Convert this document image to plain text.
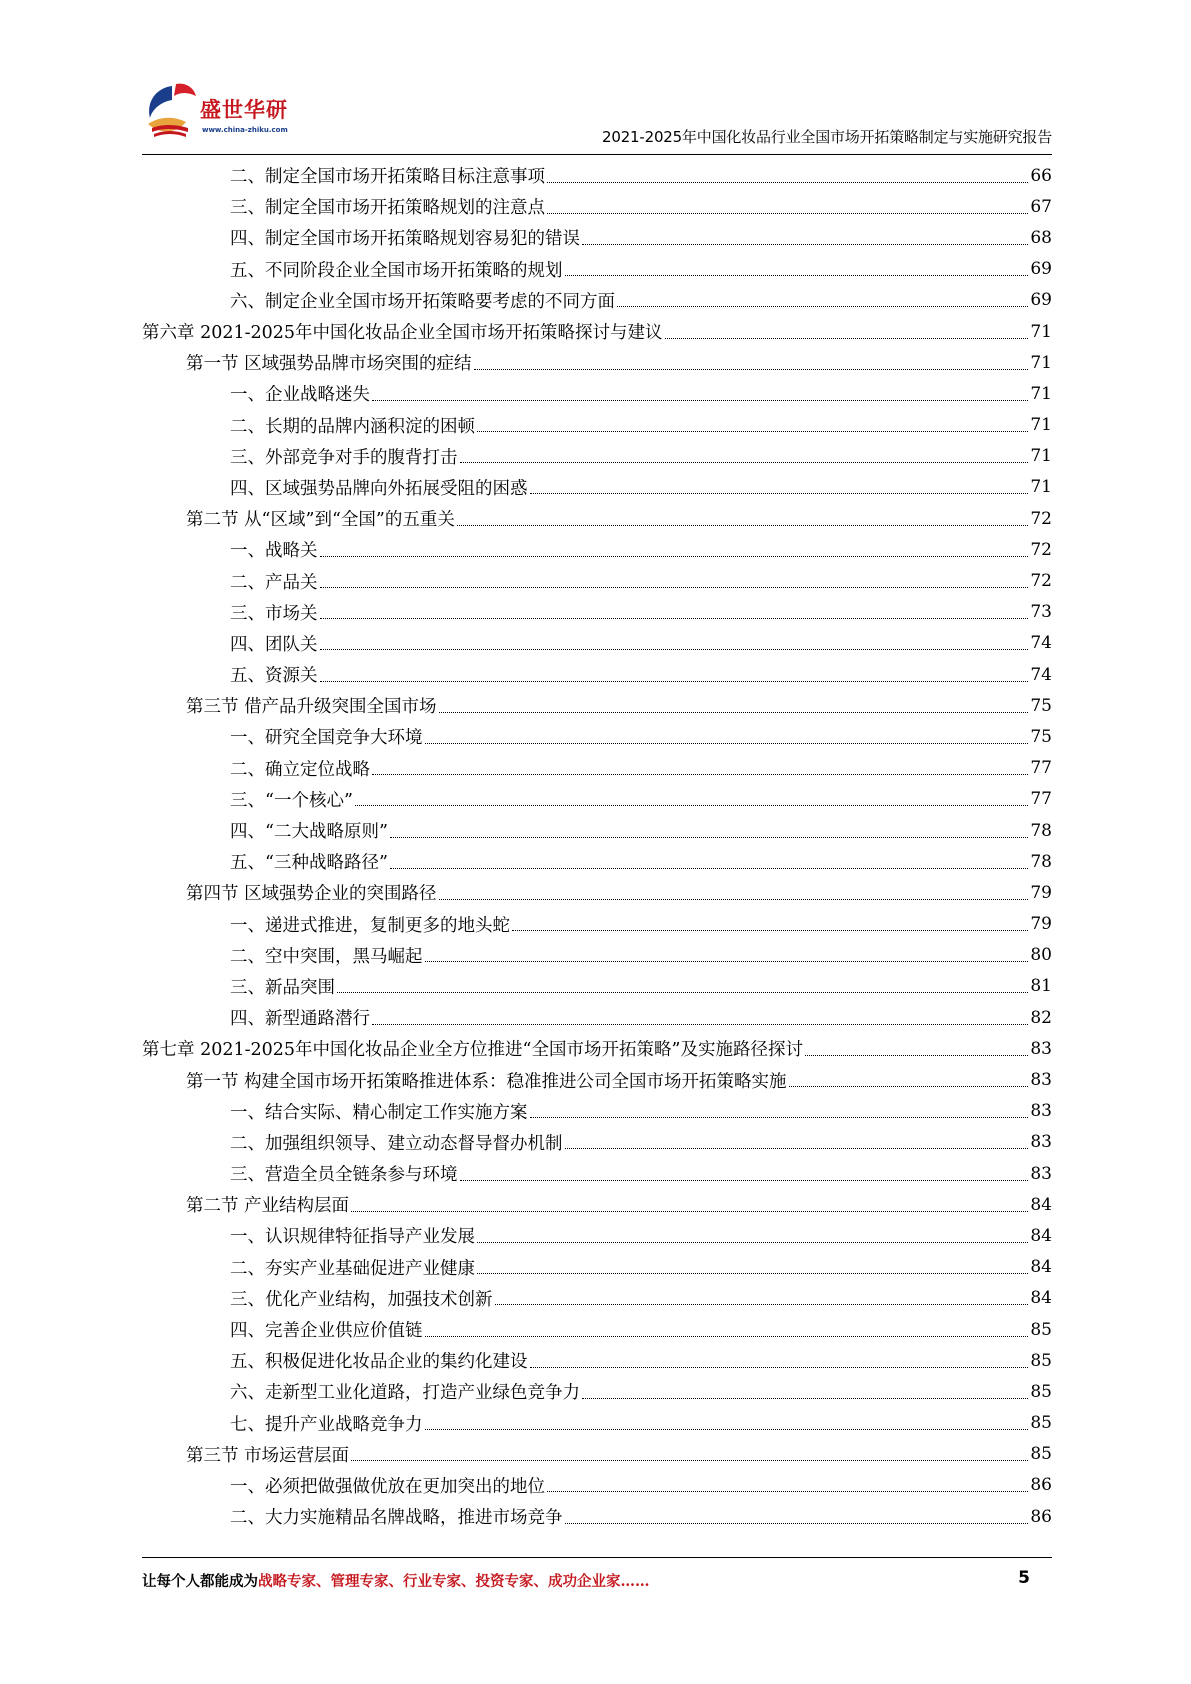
盛世华研
www.china-zhiku.com	2021-2025年中国化妆品行业全国市场开拓策略制定与实施研究报告
二、制定全国市场开拓策略目标注意事项	66
三、制定全国市场开拓策略规划的注意点	67
四、制定全国市场开拓策略规划容易犯的错误	68
五、不同阶段企业全国市场开拓策略的规划	69
六、制定企业全国市场开拓策略要考虑的不同方面	69
第六章 2021-2025年中国化妆品企业全国市场开拓策略探讨与建议	71
第一节 区域强势品牌市场突围的症结	71
一、企业战略迷失	71
二、长期的品牌内涵积淀的困顿	71
三、外部竞争对手的腹背打击	71
四、区域强势品牌向外拓展受阻的困惑	71
第二节 从“区域”到“全国”的五重关	72
一、战略关	72
二、产品关	72
三、市场关	73
四、团队关	74
五、资源关	74
第三节 借产品升级突围全国市场	75
一、研究全国竞争大环境	75
二、确立定位战略	77
三、“一个核心”	77
四、“二大战略原则”	78
五、“三种战略路径”	78
第四节 区域强势企业的突围路径	79
一、递进式推进，复制更多的地头蛇	79
二、空中突围，黑马崛起	80
三、新品突围	81
四、新型通路潜行	82
第七章 2021-2025年中国化妆品企业全方位推进“全国市场开拓策略”及实施路径探讨	83
第一节 构建全国市场开拓策略推进体系：稳准推进公司全国市场开拓策略实施	83
一、结合实际、精心制定工作实施方案	83
二、加强组织领导、建立动态督导督办机制	83
三、营造全员全链条参与环境	83
第二节 产业结构层面	84
一、认识规律特征指导产业发展	84
二、夯实产业基础促进产业健康	84
三、优化产业结构，加强技术创新	84
四、完善企业供应价值链	85
五、积极促进化妆品企业的集约化建设	85
六、走新型工业化道路，打造产业绿色竞争力	85
七、提升产业战略竞争力	85
第三节 市场运营层面	85
一、必须把做强做优放在更加突出的地位	86
二、大力实施精品名牌战略，推进市场竞争	86
让每个人都能成为战略专家、管理专家、行业专家、投资专家、成功企业家……	5
